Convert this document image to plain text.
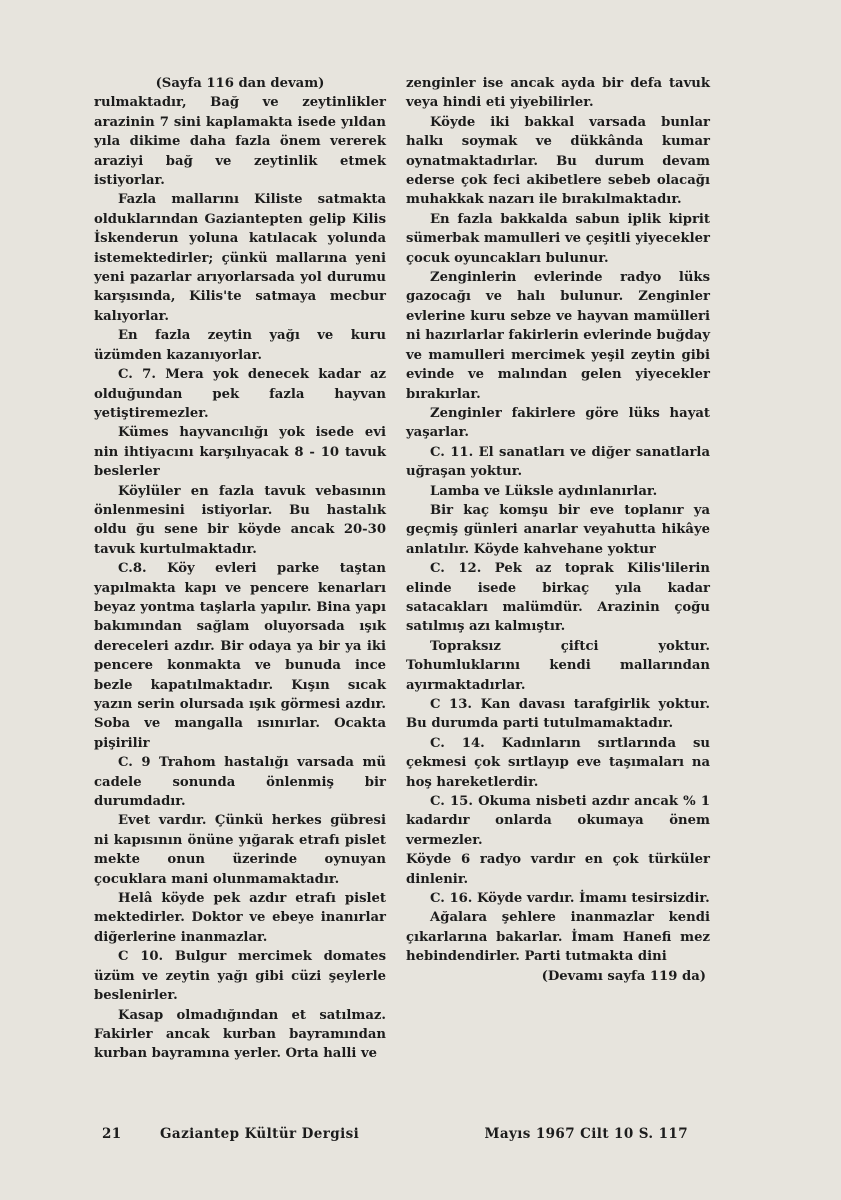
(Sayfa 116 dan devam)

rulmaktadır, Bağ ve zeytinlikler arazinin 7 sini kaplamakta isede yıldan yıla dikime daha fazla önem vererek araziyi bağ ve zeytinlik etmek istiyorlar.

Fazla mallarını Kiliste satmakta olduklarından Gaziantepten gelip Kilis İskenderun yoluna katılacak yolunda istemektedirler; çünkü mallarına yeni yeni pazarlar arıyorlarsada yol durumu karşısında, Kilis'te satmaya mecbur kalıyorlar.

En fazla zeytin yağı ve kuru üzümden kazanıyorlar.

C. 7. Mera yok denecek kadar az olduğundan pek fazla hayvan yetiştiremezler.

Kümes hayvancılığı yok isede evi nin ihtiyacını karşılıyacak 8 - 10 tavuk beslerler

Köylüler en fazla tavuk vebasının önlenmesini istiyorlar. Bu hastalık oldu ğu sene bir köyde ancak 20-30 tavuk kurtulmaktadır.

C.8. Köy evleri parke taştan yapılmakta kapı ve pencere kenarları beyaz yontma taşlarla yapılır. Bina yapı bakımından sağlam oluyorsada ışık dereceleri azdır. Bir odaya ya bir ya iki pencere konmakta ve bunuda ince bezle kapatılmaktadır. Kışın sıcak yazın serin olursada ışık görmesi azdır. Soba ve mangalla ısınırlar. Ocakta pişirilir

C. 9 Trahom hastalığı varsada mü cadele sonunda önlenmiş bir durumdadır.

Evet vardır. Çünkü herkes gübresi ni kapısının önüne yığarak etrafı pislet mekte onun üzerinde oynuyan çocuklara mani olunmamaktadır.

Helâ köyde pek azdır etrafı pislet mektedirler. Doktor ve ebeye inanırlar diğerlerine inanmazlar.

C 10. Bulgur mercimek domates üzüm ve zeytin yağı gibi cüzi şeylerle beslenirler.

Kasap olmadığından et satılmaz. Fakirler ancak kurban bayramından kurban bayramına yerler. Orta halli ve

zenginler ise ancak ayda bir defa tavuk veya hindi eti yiyebilirler.

Köyde iki bakkal varsada bunlar halkı soymak ve dükkânda kumar oynatmaktadırlar. Bu durum devam ederse çok feci akibetlere sebeb olacağı muhakkak nazarı ile bırakılmaktadır.

En fazla bakkalda sabun iplik kiprit sümerbak mamulleri ve çeşitli yiyecekler çocuk oyuncakları bulunur.

Zenginlerin evlerinde radyo lüks gazocağı ve halı bulunur. Zenginler evlerine kuru sebze ve hayvan mamülleri ni hazırlarlar fakirlerin evlerinde buğday ve mamulleri mercimek yeşil zeytin gibi evinde ve malından gelen yiyecekler bırakırlar.

Zenginler fakirlere göre lüks hayat yaşarlar.

C. 11. El sanatları ve diğer sanatlarla uğraşan yoktur.

Lamba ve Lüksle aydınlanırlar.

Bir kaç komşu bir eve toplanır ya geçmiş günleri anarlar veyahutta hikâye anlatılır. Köyde kahvehane yoktur

C. 12. Pek az toprak Kilis'lilerin elinde isede birkaç yıla kadar satacakları malümdür. Arazinin çoğu satılmış azı kalmıştır.

Topraksız çiftci yoktur. Tohumluklarını kendi mallarından ayırmaktadırlar.

C 13. Kan davası tarafgirlik yoktur. Bu durumda parti tutulmamaktadır.

C. 14. Kadınların sırtlarında su çekmesi çok sırtlayıp eve taşımaları na hoş hareketlerdir.

C. 15. Okuma nisbeti azdır ancak % 1 kadardır onlarda okumaya önem vermezler.

Köyde 6 radyo vardır en çok türküler dinlenir.

C. 16. Köyde vardır. İmamı tesirsizdir.

Ağalara şehlere inanmazlar kendi çıkarlarına bakarlar. İmam Hanefi mez hebindendirler. Parti tutmakta dini

(Devamı sayfa 119 da)

21	Gaziantep Kültür Dergisi	Mayıs 1967 Cilt 10 S. 117
